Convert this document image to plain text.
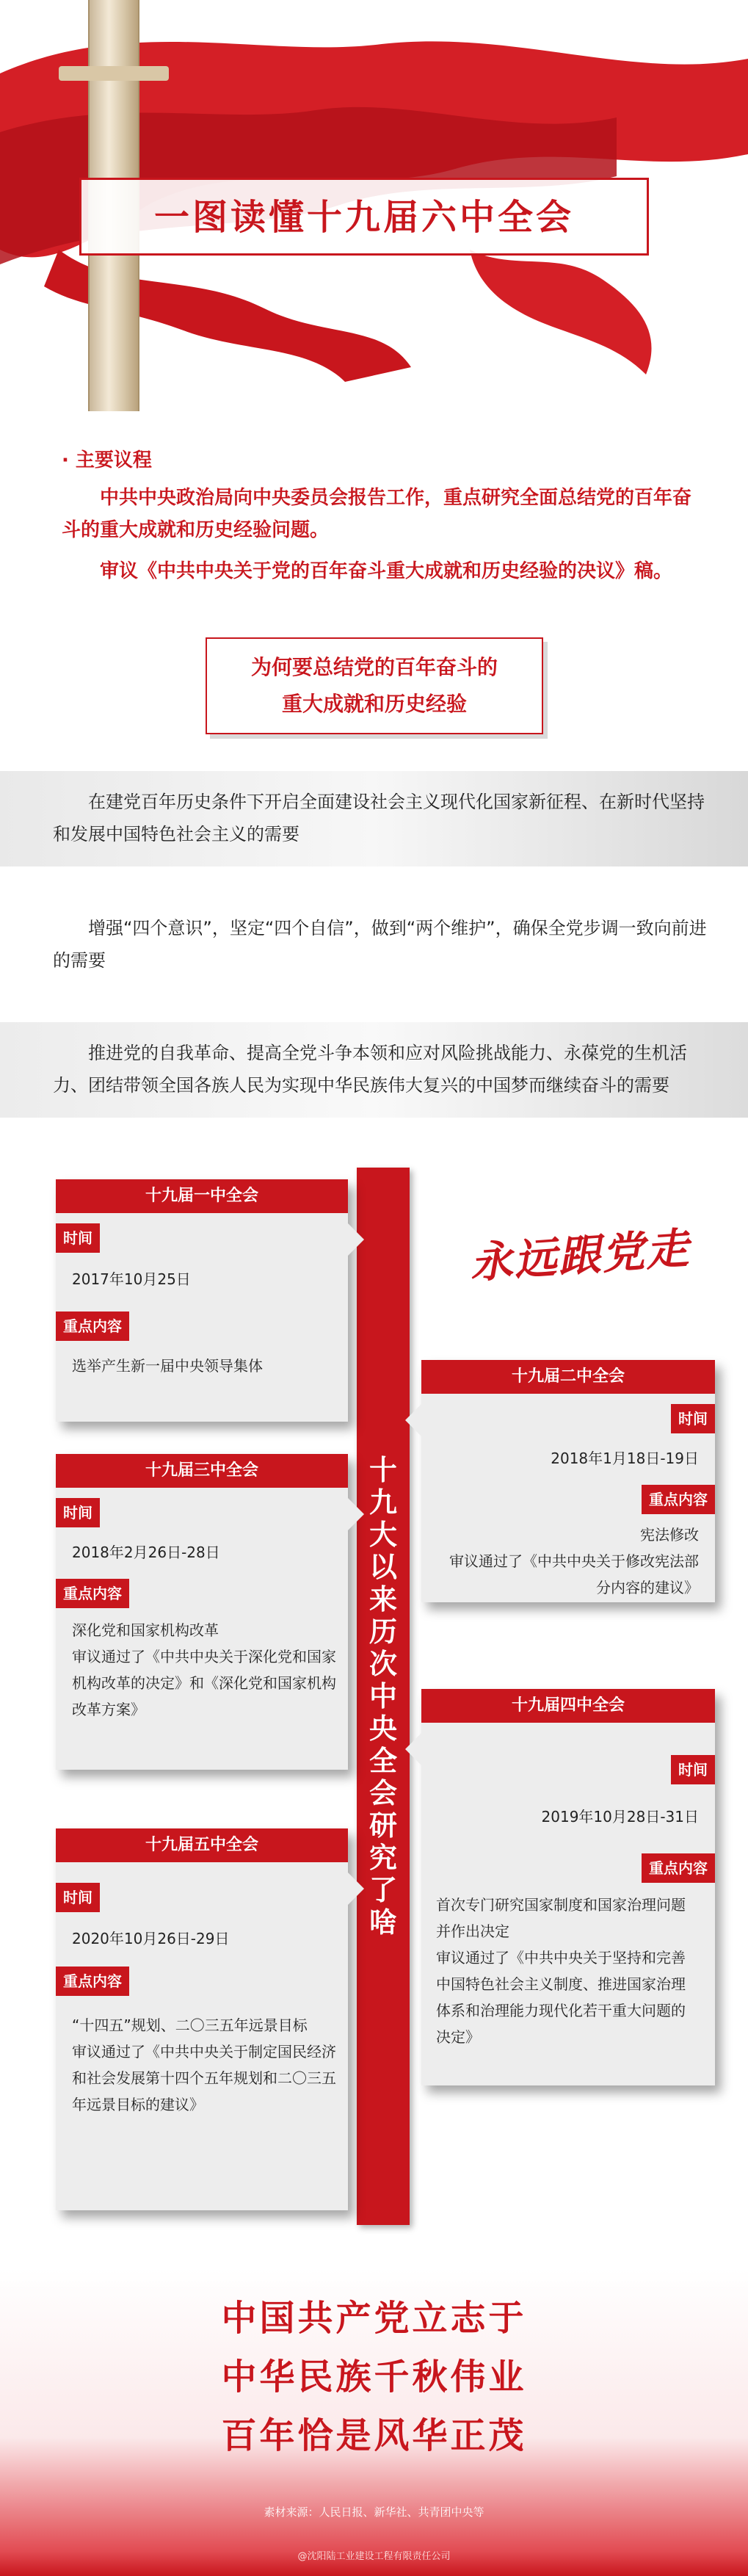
一图读懂十九届六中全会
· 主要议程
中共中央政治局向中央委员会报告工作，重点研究全面总结党的百年奋斗的重大成就和历史经验问题。
审议《中共中央关于党的百年奋斗重大成就和历史经验的决议》稿。
为何要总结党的百年奋斗的
重大成就和历史经验
在建党百年历史条件下开启全面建设社会主义现代化国家新征程、在新时代坚持和发展中国特色社会主义的需要
增强“四个意识”，坚定“四个自信”，做到“两个维护”，确保全党步调一致向前进的需要
推进党的自我革命、提高全党斗争本领和应对风险挑战能力、永葆党的生机活力、团结带领全国各族人民为实现中华民族伟大复兴的中国梦而继续奋斗的需要
十九大以来历次中央全会研究了啥
永远跟党走
十九届一中全会
时间
2017年10月25日
重点内容
选举产生新一届中央领导集体
十九届二中全会
时间
2018年1月18日-19日
重点内容
宪法修改
审议通过了《中共中央关于修改宪法部分内容的建议》
十九届三中全会
时间
2018年2月26日-28日
重点内容
深化党和国家机构改革
审议通过了《中共中央关于深化党和国家机构改革的决定》和《深化党和国家机构改革方案》	十九届四中全会
时间
2019年10月28日-31日
重点内容
首次专门研究国家制度和国家治理问题并作出决定
审议通过了《中共中央关于坚持和完善中国特色社会主义制度、推进国家治理体系和治理能力现代化若干重大问题的决定》
十九届五中全会
时间
2020年10月26日-29日
重点内容
“十四五”规划、二〇三五年远景目标
审议通过了《中共中央关于制定国民经济和社会发展第十四个五年规划和二〇三五年远景目标的建议》
中国共产党立志于
中华民族千秋伟业
百年恰是风华正茂
素材来源：人民日报、新华社、共青团中央等
@沈阳陆工业建设工程有限责任公司
